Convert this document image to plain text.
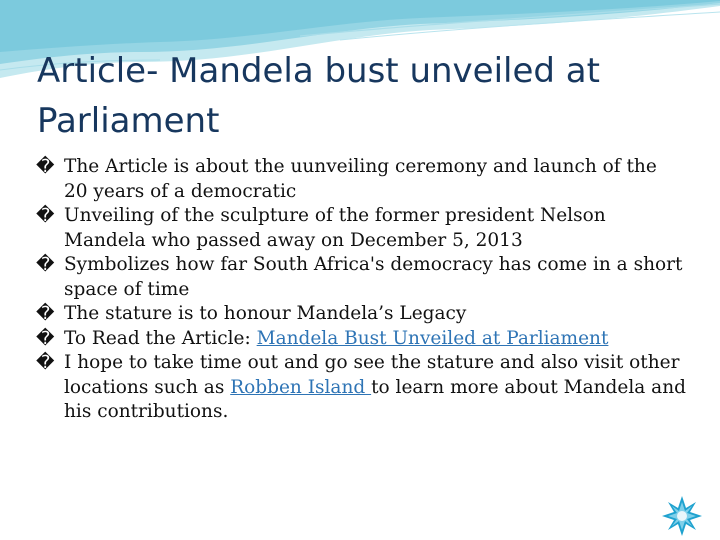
Article- Mandela bust unveiled at Parliament
� The Article is about the uunveiling ceremony and launch of the 20 years of a democratic
� Unveiling of the sculpture of the former president Nelson Mandela who passed away on December 5, 2013
� Symbolizes how far South Africa's democracy has come in a short space of time
� The stature is to honour Mandela’s Legacy
� To Read the Article: Mandela Bust Unveiled at Parliament
� I hope to take time out and go see the stature and also visit other locations such as Robben Island to learn more about Mandela and his contributions.
